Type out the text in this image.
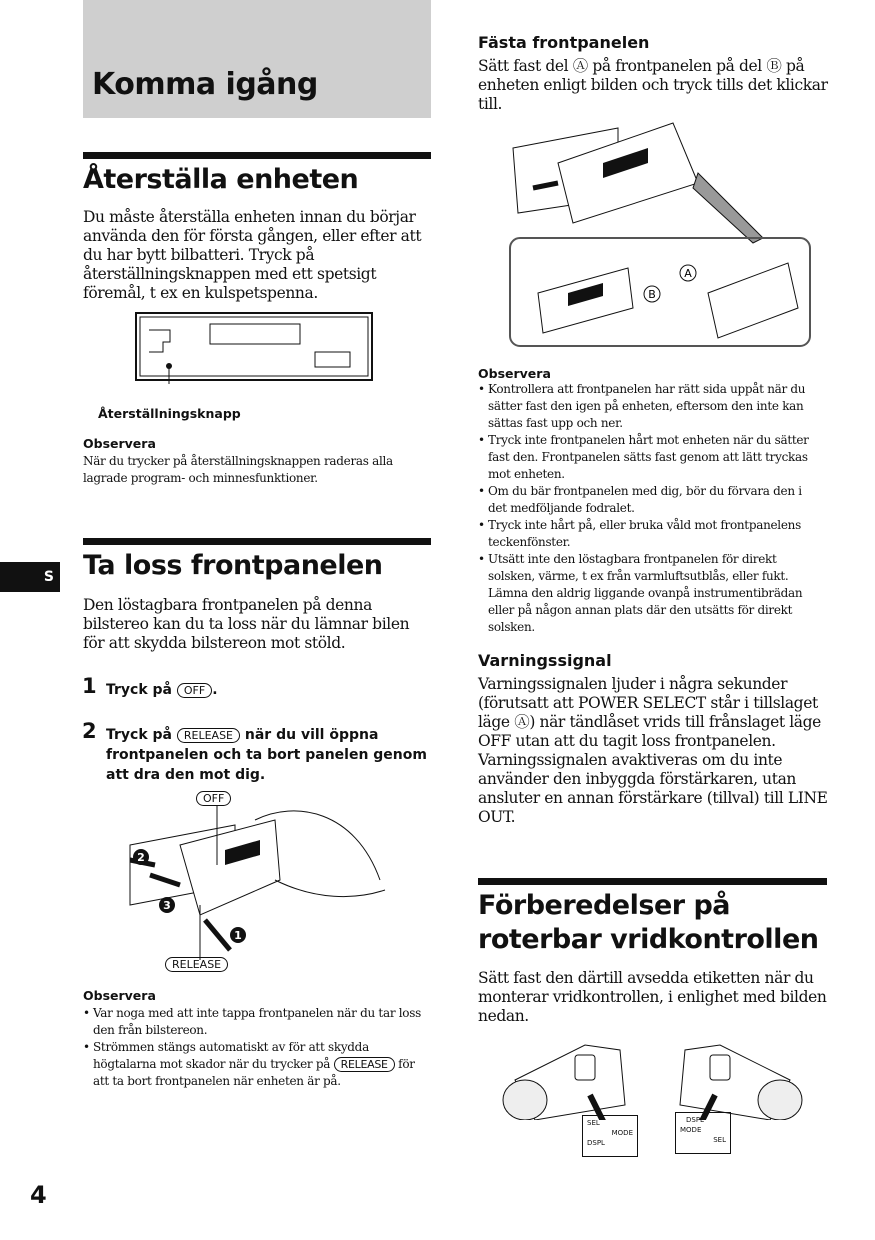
Komma igång
Återställa enheten
Du måste återställa enheten innan du börjar använda den för första gången, eller efter att du har bytt bilbatteri. Tryck på återställningsknappen med ett spetsigt föremål, t ex en kulspetspenna.
Återställningsknapp
Observera
När du trycker på återställningsknappen raderas alla lagrade program- och minnesfunktioner.
S Ta loss frontpanelen
Den löstagbara frontpanelen på denna bilstereo kan du ta loss när du lämnar bilen för att skydda bilstereon mot stöld.
1 Tryck på OFF .
2 Tryck på RELEASE när du vill öppna frontpanelen och ta bort panelen genom att dra den mot dig.
2
3
1
OFF
RELEASE
Observera
• Var noga med att inte tappa frontpanelen när du tar loss den från bilstereon.
• Strömmen stängs automatiskt av för att skydda högtalarna mot skador när du trycker på RELEASE för att ta bort frontpanelen när enheten är på.
4
Fästa frontpanelen
Sätt fast del Ⓐ på frontpanelen på del Ⓑ på enheten enligt bilden och tryck tills det klickar till.
A
B
Observera
• Kontrollera att frontpanelen har rätt sida uppåt när du sätter fast den igen på enheten, eftersom den inte kan sättas fast upp och ner.
• Tryck inte frontpanelen hårt mot enheten när du sätter fast den. Frontpanelen sätts fast genom att lätt tryckas mot enheten.
• Om du bär frontpanelen med dig, bör du förvara den i det medföljande fodralet.
• Tryck inte hårt på, eller bruka våld mot frontpanelens teckenfönster.
• Utsätt inte den löstagbara frontpanelen för direkt solsken, värme, t ex från varmluftsutblås, eller fukt. Lämna den aldrig liggande ovanpå instrumentibrädan eller på någon annan plats där den utsätts för direkt solsken.
Varningssignal
Varningssignalen ljuder i några sekunder (förutsatt att POWER SELECT står i tillslaget läge Ⓐ) när tändlåset vrids till frånslaget läge OFF utan att du tagit loss frontpanelen. Varningssignalen avaktiveras om du inte använder den inbyggda förstärkaren, utan ansluter en annan förstärkare (tillval) till LINE OUT.
Förberedelser på roterbar vridkontrollen
Sätt fast den därtill avsedda etiketten när du monterar vridkontrollen, i enlighet med bilden nedan.
SEL
MODE
DSPL
DSPL
MODE
SEL
